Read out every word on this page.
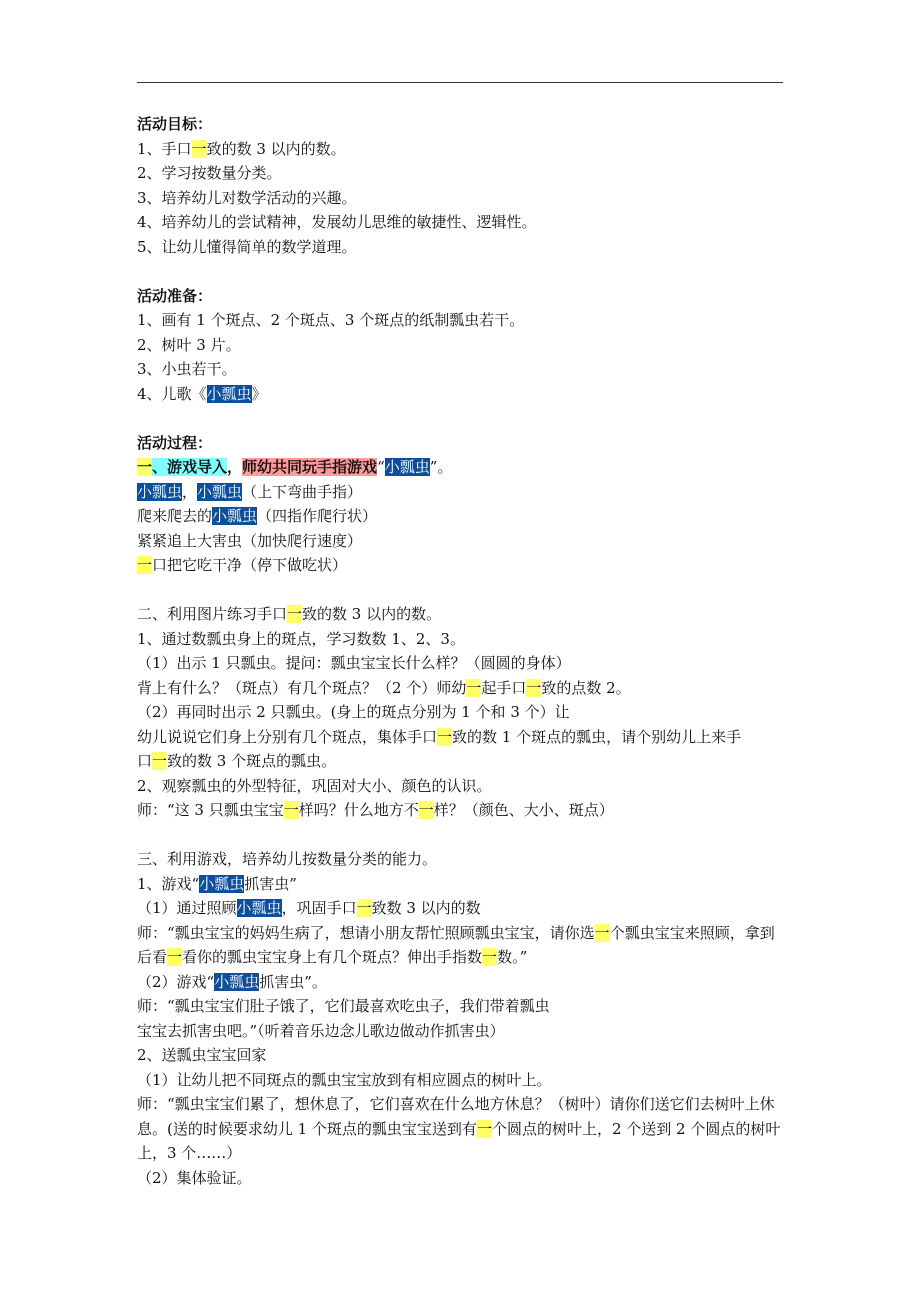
活动目标：
1、手口一致的数 3 以内的数。
2、学习按数量分类。
3、培养幼儿对数学活动的兴趣。
4、培养幼儿的尝试精神，发展幼儿思维的敏捷性、逻辑性。
5、让幼儿懂得简单的数学道理。
活动准备：
1、画有 1 个斑点、2 个斑点、3 个斑点的纸制瓢虫若干。
2、树叶 3 片。
3、小虫若干。
4、儿歌《小瓢虫》
活动过程：
一、游戏导入，师幼共同玩手指游戏“小瓢虫”。
小瓢虫，小瓢虫（上下弯曲手指）
爬来爬去的小瓢虫（四指作爬行状）
紧紧追上大害虫（加快爬行速度）
一口把它吃干净（停下做吃状）
二、利用图片练习手口一致的数 3 以内的数。
1、通过数瓢虫身上的斑点，学习数数 1、2、3。
（1）出示 1 只瓢虫。提问：瓢虫宝宝长什么样？（圆圆的身体）
背上有什么？（斑点）有几个斑点？（2 个）师幼一起手口一致的点数 2。
（2）再同时出示 2 只瓢虫。(身上的斑点分别为 1 个和 3 个）让
幼儿说说它们身上分别有几个斑点，集体手口一致的数 1 个斑点的瓢虫，请个别幼儿上来手
口一致的数 3 个斑点的瓢虫。
2、观察瓢虫的外型特征，巩固对大小、颜色的认识。
师：“这 3 只瓢虫宝宝一样吗？什么地方不一样？（颜色、大小、斑点）
三、利用游戏，培养幼儿按数量分类的能力。
1、游戏“小瓢虫抓害虫”
（1）通过照顾小瓢虫，巩固手口一致数 3 以内的数
师：“瓢虫宝宝的妈妈生病了，想请小朋友帮忙照顾瓢虫宝宝，请你选一个瓢虫宝宝来照顾，拿到后看一看你的瓢虫宝宝身上有几个斑点？伸出手指数一数。”
（2）游戏“小瓢虫抓害虫”。
师：“瓢虫宝宝们肚子饿了，它们最喜欢吃虫子，我们带着瓢虫
宝宝去抓害虫吧。”（听着音乐边念儿歌边做动作抓害虫）
2、送瓢虫宝宝回家
（1）让幼儿把不同斑点的瓢虫宝宝放到有相应圆点的树叶上。
师：“瓢虫宝宝们累了，想休息了，它们喜欢在什么地方休息？（树叶）请你们送它们去树叶上休息。(送的时候要求幼儿 1 个斑点的瓢虫宝宝送到有一个圆点的树叶上，2 个送到 2 个圆点的树叶上，3 个……）
（2）集体验证。
